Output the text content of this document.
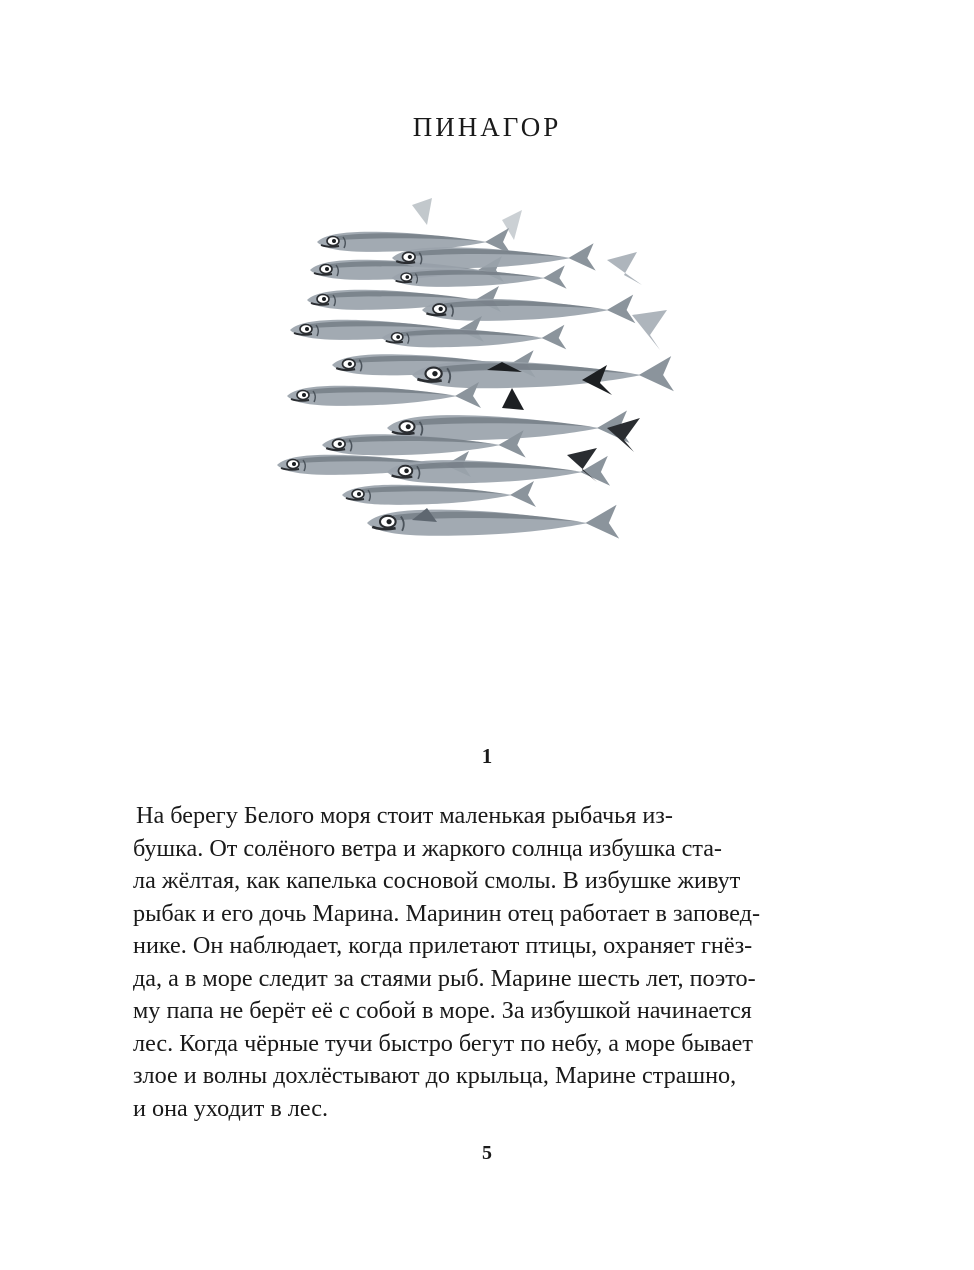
ПИНАГОР
1
На берегу Белого моря стоит маленькая рыбачья из-
бушка. От солёного ветра и жаркого солнца избушка ста-
ла жёлтая, как капелька сосновой смолы. В избушке живут
рыбак и его дочь Марина. Маринин отец работает в заповед-
нике. Он наблюдает, когда прилетают птицы, охраняет гнёз-
да, а в море следит за стаями рыб. Марине шесть лет, поэто-
му папа не берёт её с собой в море. За избушкой начинается
лес. Когда чёрные тучи быстро бегут по небу, а море бывает
злое и волны дохлёстывают до крыльца, Марине страшно,
и она уходит в лес.
5
